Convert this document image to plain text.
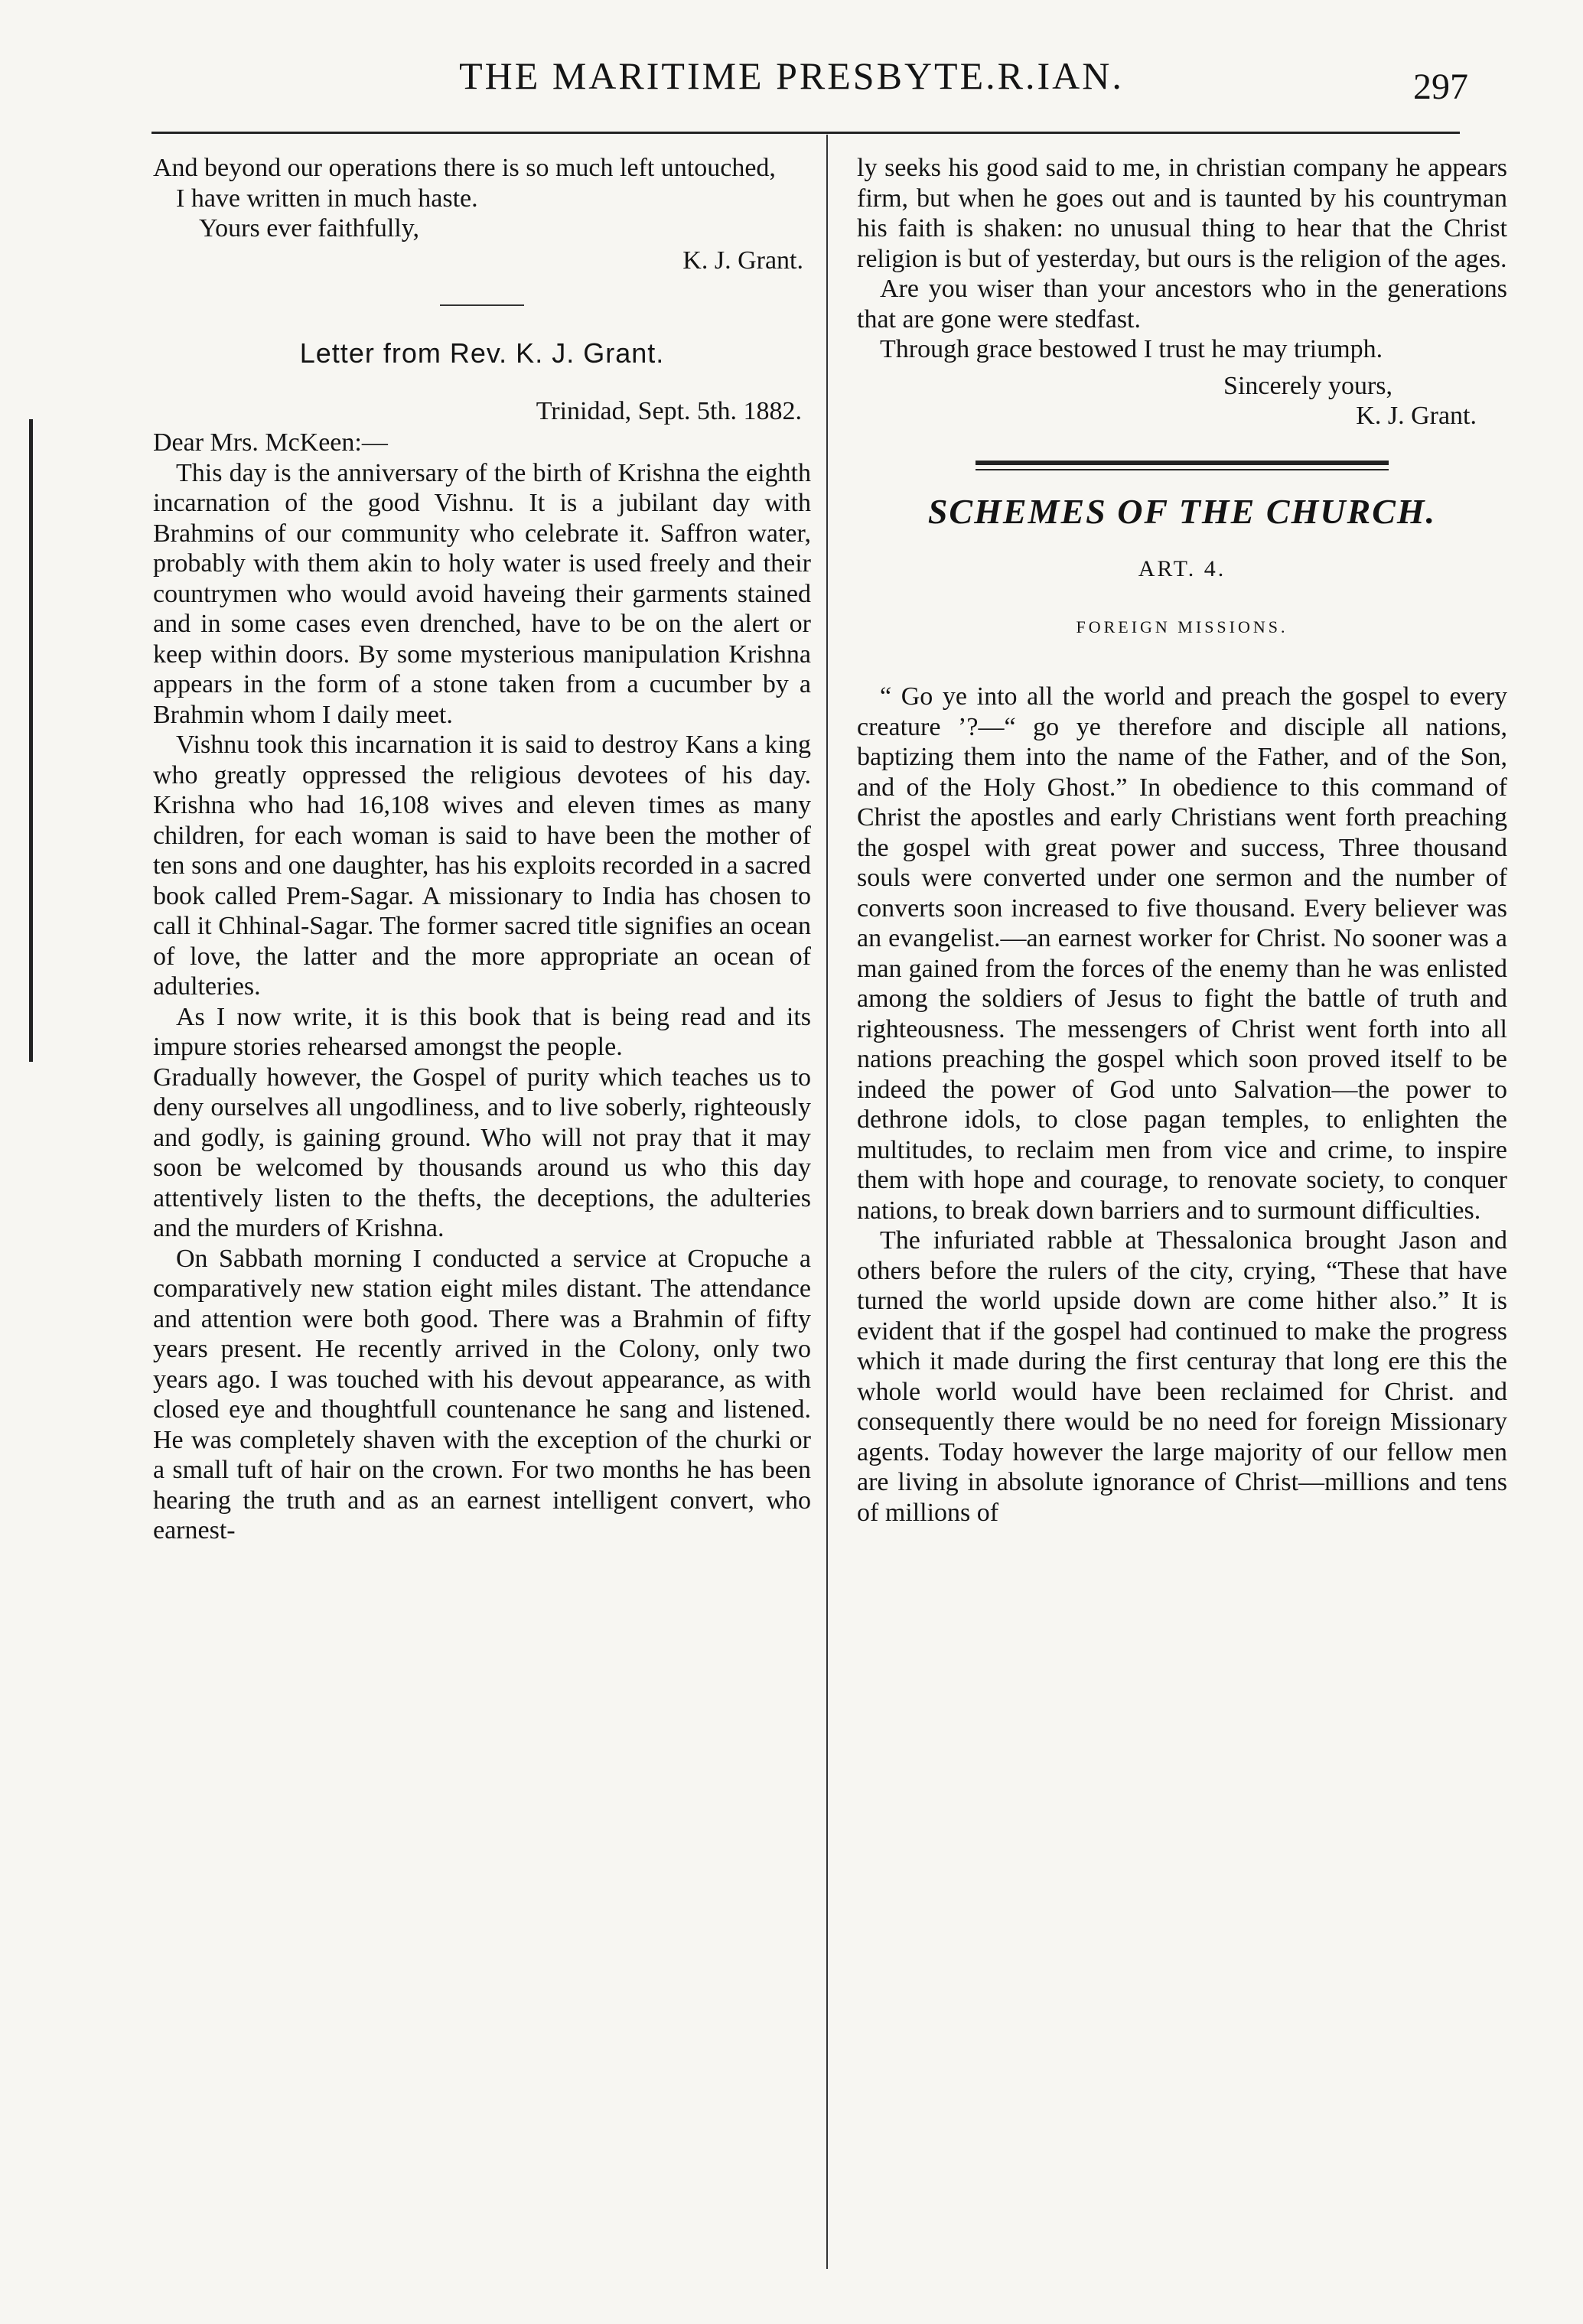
THE MARITIME PRESBYTE.R.IAN.	297

And beyond our operations there is so much left untouched,

I have written in much haste.

Yours ever faithfully,

K. J. Grant.
Letter from Rev. K. J. Grant.
Trinidad, Sept. 5th. 1882.

Dear Mrs. McKeen:—

This day is the anniversary of the birth of Krishna the eighth incarnation of the good Vishnu. It is a jubilant day with Brahmins of our community who celebrate it. Saffron water, probably with them akin to holy water is used freely and their countrymen who would avoid haveing their garments stained and in some cases even drenched, have to be on the alert or keep within doors. By some mysterious manipulation Krishna appears in the form of a stone taken from a cucumber by a Brahmin whom I daily meet.

Vishnu took this incarnation it is said to destroy Kans a king who greatly oppressed the religious devotees of his day. Krishna who had 16,108 wives and eleven times as many children, for each woman is said to have been the mother of ten sons and one daughter, has his exploits recorded in a sacred book called Prem-Sagar. A missionary to India has chosen to call it Chhinal-Sagar. The former sacred title signifies an ocean of love, the latter and the more appropriate an ocean of adulteries.

As I now write, it is this book that is being read and its impure stories rehearsed amongst the people.

Gradually however, the Gospel of purity which teaches us to deny ourselves all ungodliness, and to live soberly, righteously and godly, is gaining ground. Who will not pray that it may soon be welcomed by thousands around us who this day attentively listen to the thefts, the deceptions, the adulteries and the murders of Krishna.

On Sabbath morning I conducted a service at Cropuche a comparatively new station eight miles distant. The attendance and attention were both good. There was a Brahmin of fifty years present. He recently arrived in the Colony, only two years ago. I was touched with his devout appearance, as with closed eye and thoughtfull countenance he sang and listened. He was completely shaven with the exception of the churki or a small tuft of hair on the crown. For two months he has been hearing the truth and as an earnest intelligent convert, who earnest-

ly seeks his good said to me, in christian company he appears firm, but when he goes out and is taunted by his countryman his faith is shaken: no unusual thing to hear that the Christ religion is but of yesterday, but ours is the religion of the ages.

Are you wiser than your ancestors who in the generations that are gone were stedfast.

Through grace bestowed I trust he may triumph.

Sincerely yours,
K. J. Grant.
SCHEMES OF THE CHURCH.
ART. 4.
FOREIGN MISSIONS.

“ Go ye into all the world and preach the gospel to every creature ’?—“ go ye therefore and disciple all nations, baptizing them into the name of the Father, and of the Son, and of the Holy Ghost.” In obedience to this command of Christ the apostles and early Christians went forth preaching the gospel with great power and success, Three thousand souls were converted under one sermon and the number of converts soon increased to five thousand. Every believer was an evangelist.—an earnest worker for Christ. No sooner was a man gained from the forces of the enemy than he was enlisted among the soldiers of Jesus to fight the battle of truth and righteousness. The messengers of Christ went forth into all nations preaching the gospel which soon proved itself to be indeed the power of God unto Salvation—the power to dethrone idols, to close pagan temples, to enlighten the multitudes, to reclaim men from vice and crime, to inspire them with hope and courage, to renovate society, to conquer nations, to break down barriers and to surmount difficulties.

The infuriated rabble at Thessalonica brought Jason and others before the rulers of the city, crying, “These that have turned the world upside down are come hither also.” It is evident that if the gospel had continued to make the progress which it made during the first centuray that long ere this the whole world would have been reclaimed for Christ. and consequently there would be no need for foreign Missionary agents. Today however the large majority of our fellow men are living in absolute ignorance of Christ—millions and tens of millions of
